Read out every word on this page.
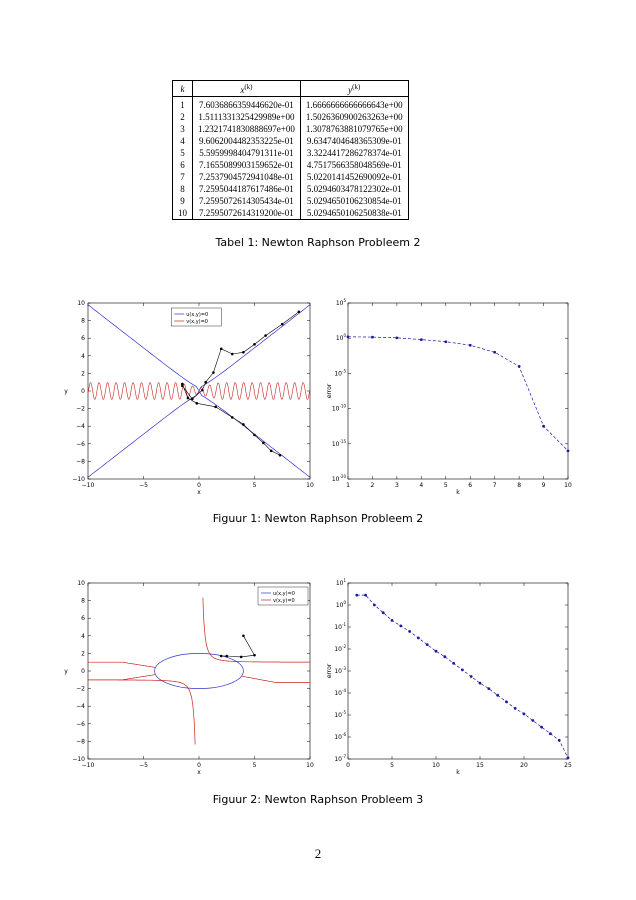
k	$x^{(k)}$	$y^{(k)}$
1	7.6036866359446620e-01	1.6666666666666643e+00
2	1.5111331325429989e+00	1.5026360900263263e+00
3	1.2321741830888697e+00	1.3078763881079765e+00
4	9.6062004482353225e-01	9.6347404648365309e-01
5	5.5959998404791311e-01	3.3224417286278374e-01
6	7.1655089903159652e-01	4.7517566358048569e-01
7	7.2537904572941048e-01	5.0220141452690092e-01
8	7.2595044187617486e-01	5.0294603478122302e-01
9	7.2595072614305434e-01	5.0294650106230854e-01
10	7.2595072614319200e-01	5.0294650106250838e-01
Tabel 1: Newton Raphson Probleem 2
−10	−5	0	5	10
−10
−8
−6
−4
−2
0
2
4
6
8
10
x
y
u(x,y)=0
v(x,y)=0
1	2	3	4	5	6	7	8	9	10
$10^5$
$10^0$
$10^{-5}$
$10^{-10}$
$10^{-15}$
$10^{-20}$
k
error
Figuur 1: Newton Raphson Probleem 2
−10	−5	0	5	10
−10
−8
−6
−4
−2
0
2
4
6
8
10
x
y
u(x,y)=0
v(x,y)=0
0	5	10	15	20	25
$10^1$
$10^0$
$10^{-1}$
$10^{-2}$
$10^{-3}$
$10^{-4}$
$10^{-5}$
$10^{-6}$
$10^{-7}$
k
error
Figuur 2: Newton Raphson Probleem 3
2
